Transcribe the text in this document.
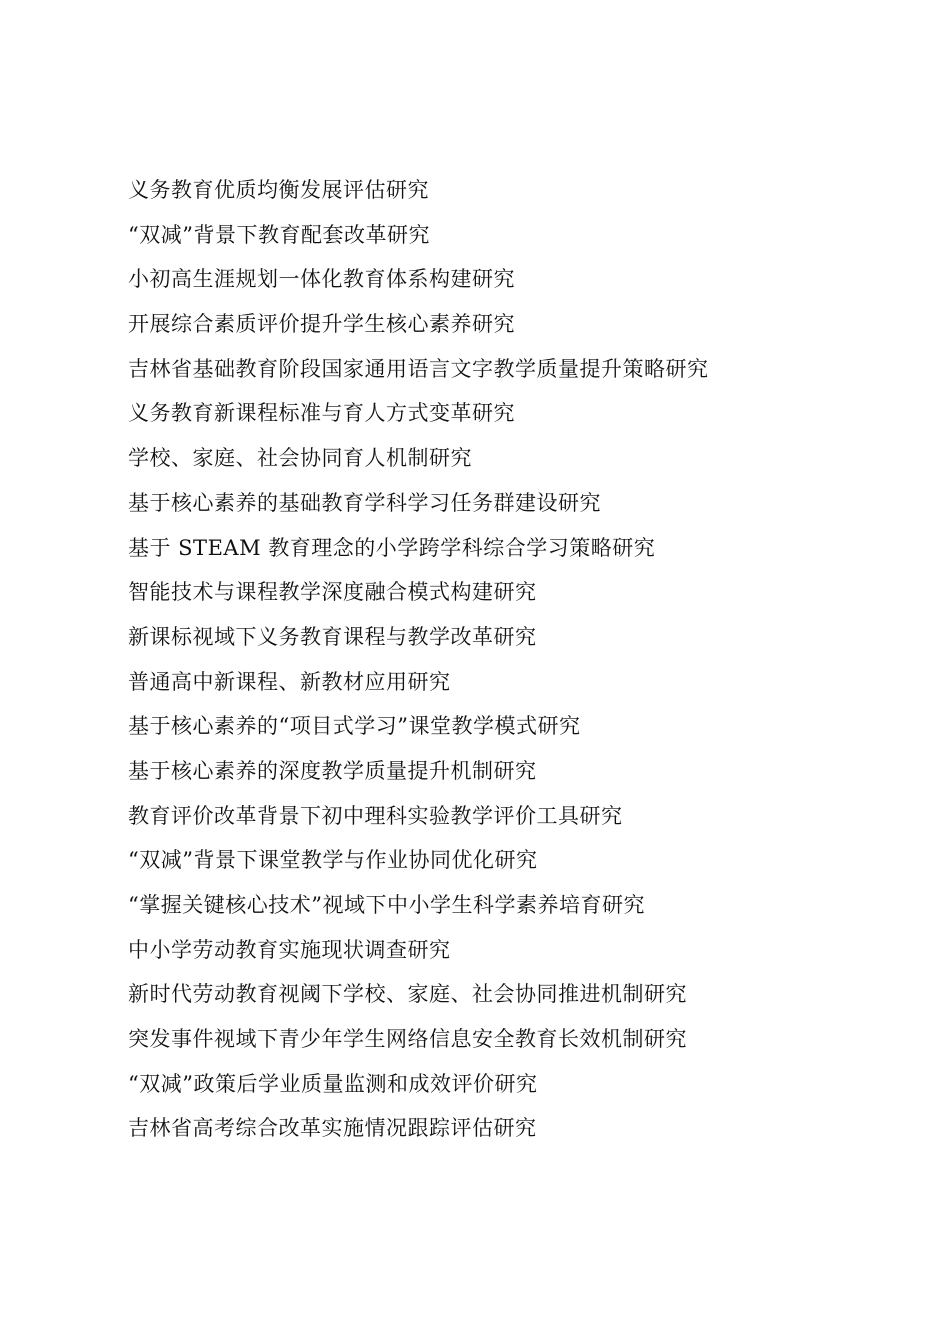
义务教育优质均衡发展评估研究
“双减”背景下教育配套改革研究
小初高生涯规划一体化教育体系构建研究
开展综合素质评价提升学生核心素养研究
吉林省基础教育阶段国家通用语言文字教学质量提升策略研究
义务教育新课程标准与育人方式变革研究
学校、家庭、社会协同育人机制研究
基于核心素养的基础教育学科学习任务群建设研究
基于 STEAM 教育理念的小学跨学科综合学习策略研究
智能技术与课程教学深度融合模式构建研究
新课标视域下义务教育课程与教学改革研究
普通高中新课程、新教材应用研究
基于核心素养的“项目式学习”课堂教学模式研究
基于核心素养的深度教学质量提升机制研究
教育评价改革背景下初中理科实验教学评价工具研究
“双减”背景下课堂教学与作业协同优化研究
“掌握关键核心技术”视域下中小学生科学素养培育研究
中小学劳动教育实施现状调查研究
新时代劳动教育视阈下学校、家庭、社会协同推进机制研究
突发事件视域下青少年学生网络信息安全教育长效机制研究
“双减”政策后学业质量监测和成效评价研究
吉林省高考综合改革实施情况跟踪评估研究
